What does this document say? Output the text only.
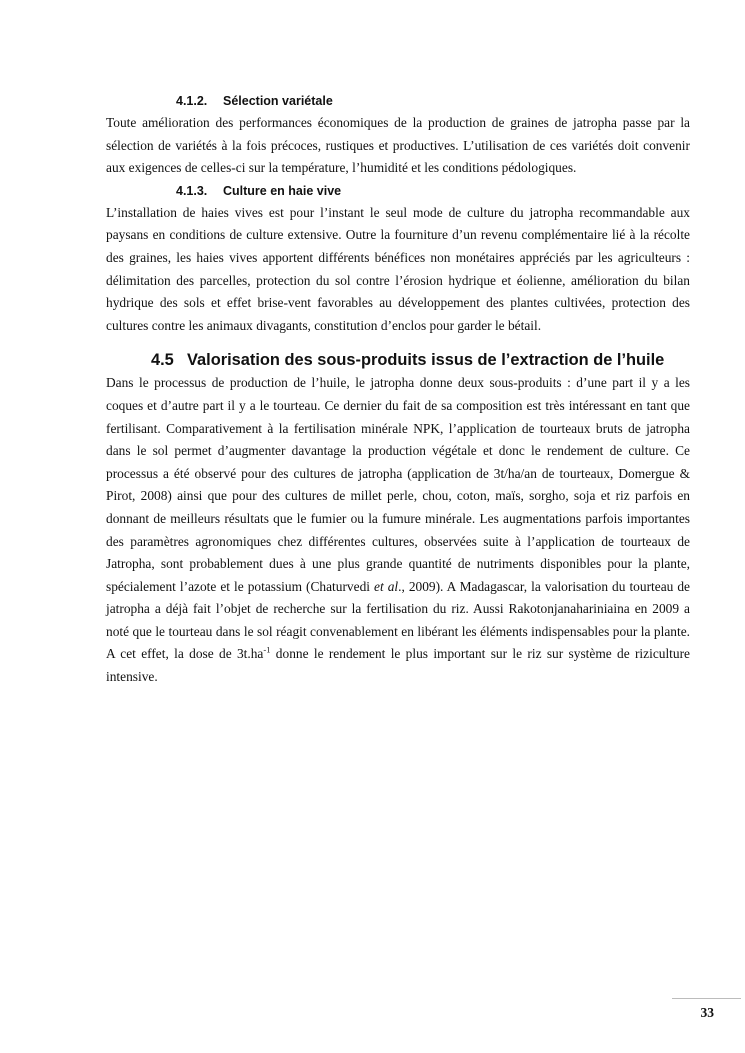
4.1.2. Sélection variétale

Toute amélioration des performances économiques de la production de graines de jatropha passe par la sélection de variétés à la fois précoces, rustiques et productives. L’utilisation de ces variétés doit convenir aux exigences de celles-ci sur la température, l’humidité et les conditions pédologiques.

4.1.3. Culture en haie vive

L’installation de haies vives est pour l’instant le seul mode de culture du jatropha recommandable aux paysans en conditions de culture extensive. Outre la fourniture d’un revenu complémentaire lié à la récolte des graines, les haies vives apportent différents bénéfices non monétaires appréciés par les agriculteurs : délimitation des parcelles, protection du sol contre l’érosion hydrique et éolienne, amélioration du bilan hydrique des sols et effet brise-vent favorables au développement des plantes cultivées, protection des cultures contre les animaux divagants, constitution d’enclos pour garder le bétail.

4.5 Valorisation des sous-produits issus de l’extraction de l’huile

Dans le processus de production de l’huile, le jatropha donne deux sous-produits : d’une part il y a les coques et d’autre part il y a le tourteau. Ce dernier du fait de sa composition est très intéressant en tant que fertilisant. Comparativement à la fertilisation minérale NPK, l’application de tourteaux bruts de jatropha dans le sol permet d’augmenter davantage la production végétale et donc le rendement de culture. Ce processus a été observé pour des cultures de jatropha (application de 3t/ha/an de tourteaux, Domergue & Pirot, 2008) ainsi que pour des cultures de millet perle, chou, coton, maïs, sorgho, soja et riz parfois en donnant de meilleurs résultats que le fumier ou la fumure minérale. Les augmentations parfois importantes des paramètres agronomiques chez différentes cultures, observées suite à l’application de tourteaux de Jatropha, sont probablement dues à une plus grande quantité de nutriments disponibles pour la plante, spécialement l’azote et le potassium (Chaturvedi et al., 2009). A Madagascar, la valorisation du tourteau de jatropha a déjà fait l’objet de recherche sur la fertilisation du riz. Aussi Rakotonjanahariniaina en 2009 a noté que le tourteau dans le sol réagit convenablement en libérant les éléments indispensables pour la plante. A cet effet, la dose de $3t.ha^{-1}$ donne le rendement le plus important sur le riz sur système de riziculture intensive.

33
